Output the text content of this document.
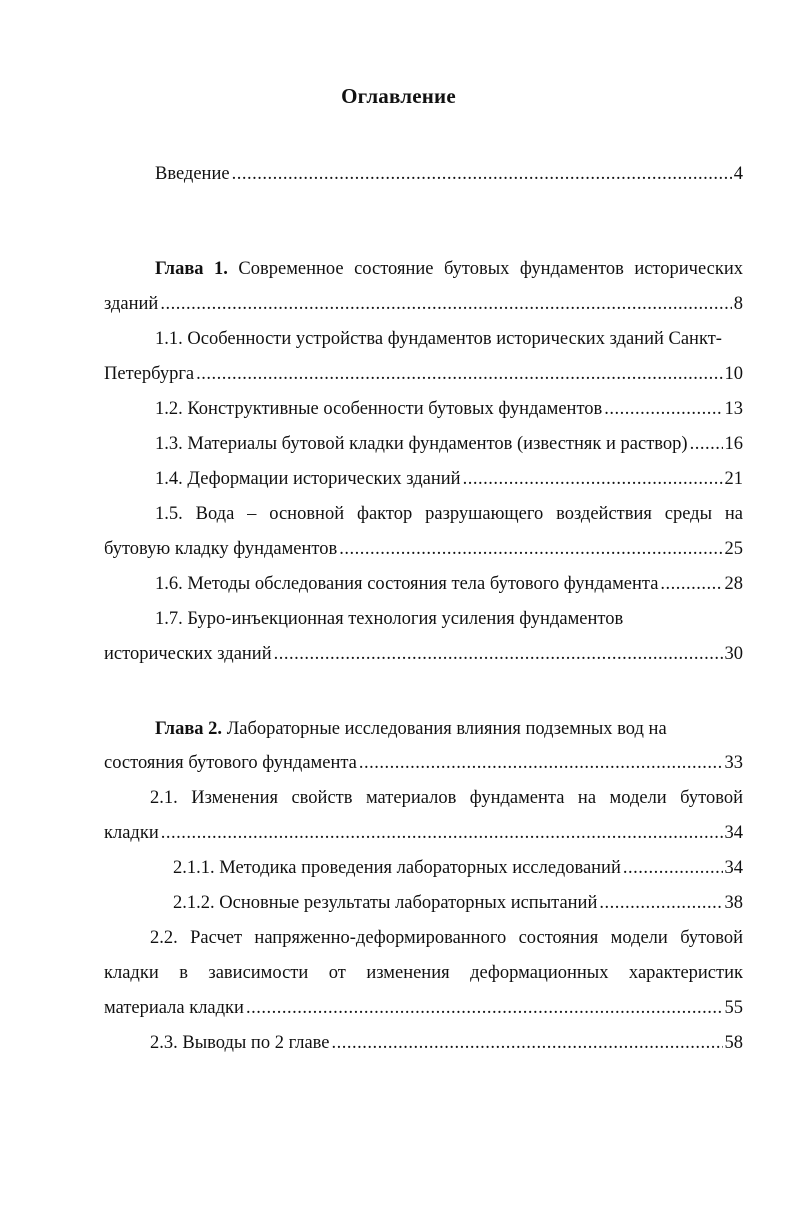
Оглавление
Введение .....	4
Глава 1. Современное состояние бутовых фундаментов исторических
зданий .....	8
1.1. Особенности устройства фундаментов исторических зданий Санкт-
Петербурга .....	10
1.2. Конструктивные особенности бутовых фундаментов .....	13
1.3. Материалы бутовой кладки фундаментов (известняк и раствор) ..... 16
1.4. Деформации исторических зданий .....	21
1.5. Вода – основной фактор разрушающего воздействия среды на
бутовую кладку фундаментов .....	25
1.6. Методы обследования состояния тела бутового фундамента .....	28
1.7. Буро-инъекционная технология усиления фундаментов
исторических зданий .....	30
Глава 2. Лабораторные исследования влияния подземных вод на
состояния бутового фундамента .....	33
2.1. Изменения свойств материалов фундамента на модели бутовой
кладки .....	34
2.1.1. Методика проведения лабораторных исследований .....	34
2.1.2. Основные результаты лабораторных испытаний .....	38
2.2. Расчет напряженно-деформированного состояния модели бутовой
кладки в зависимости от изменения деформационных характеристик
материала кладки .....	55
2.3. Выводы по 2 главе .....	58
